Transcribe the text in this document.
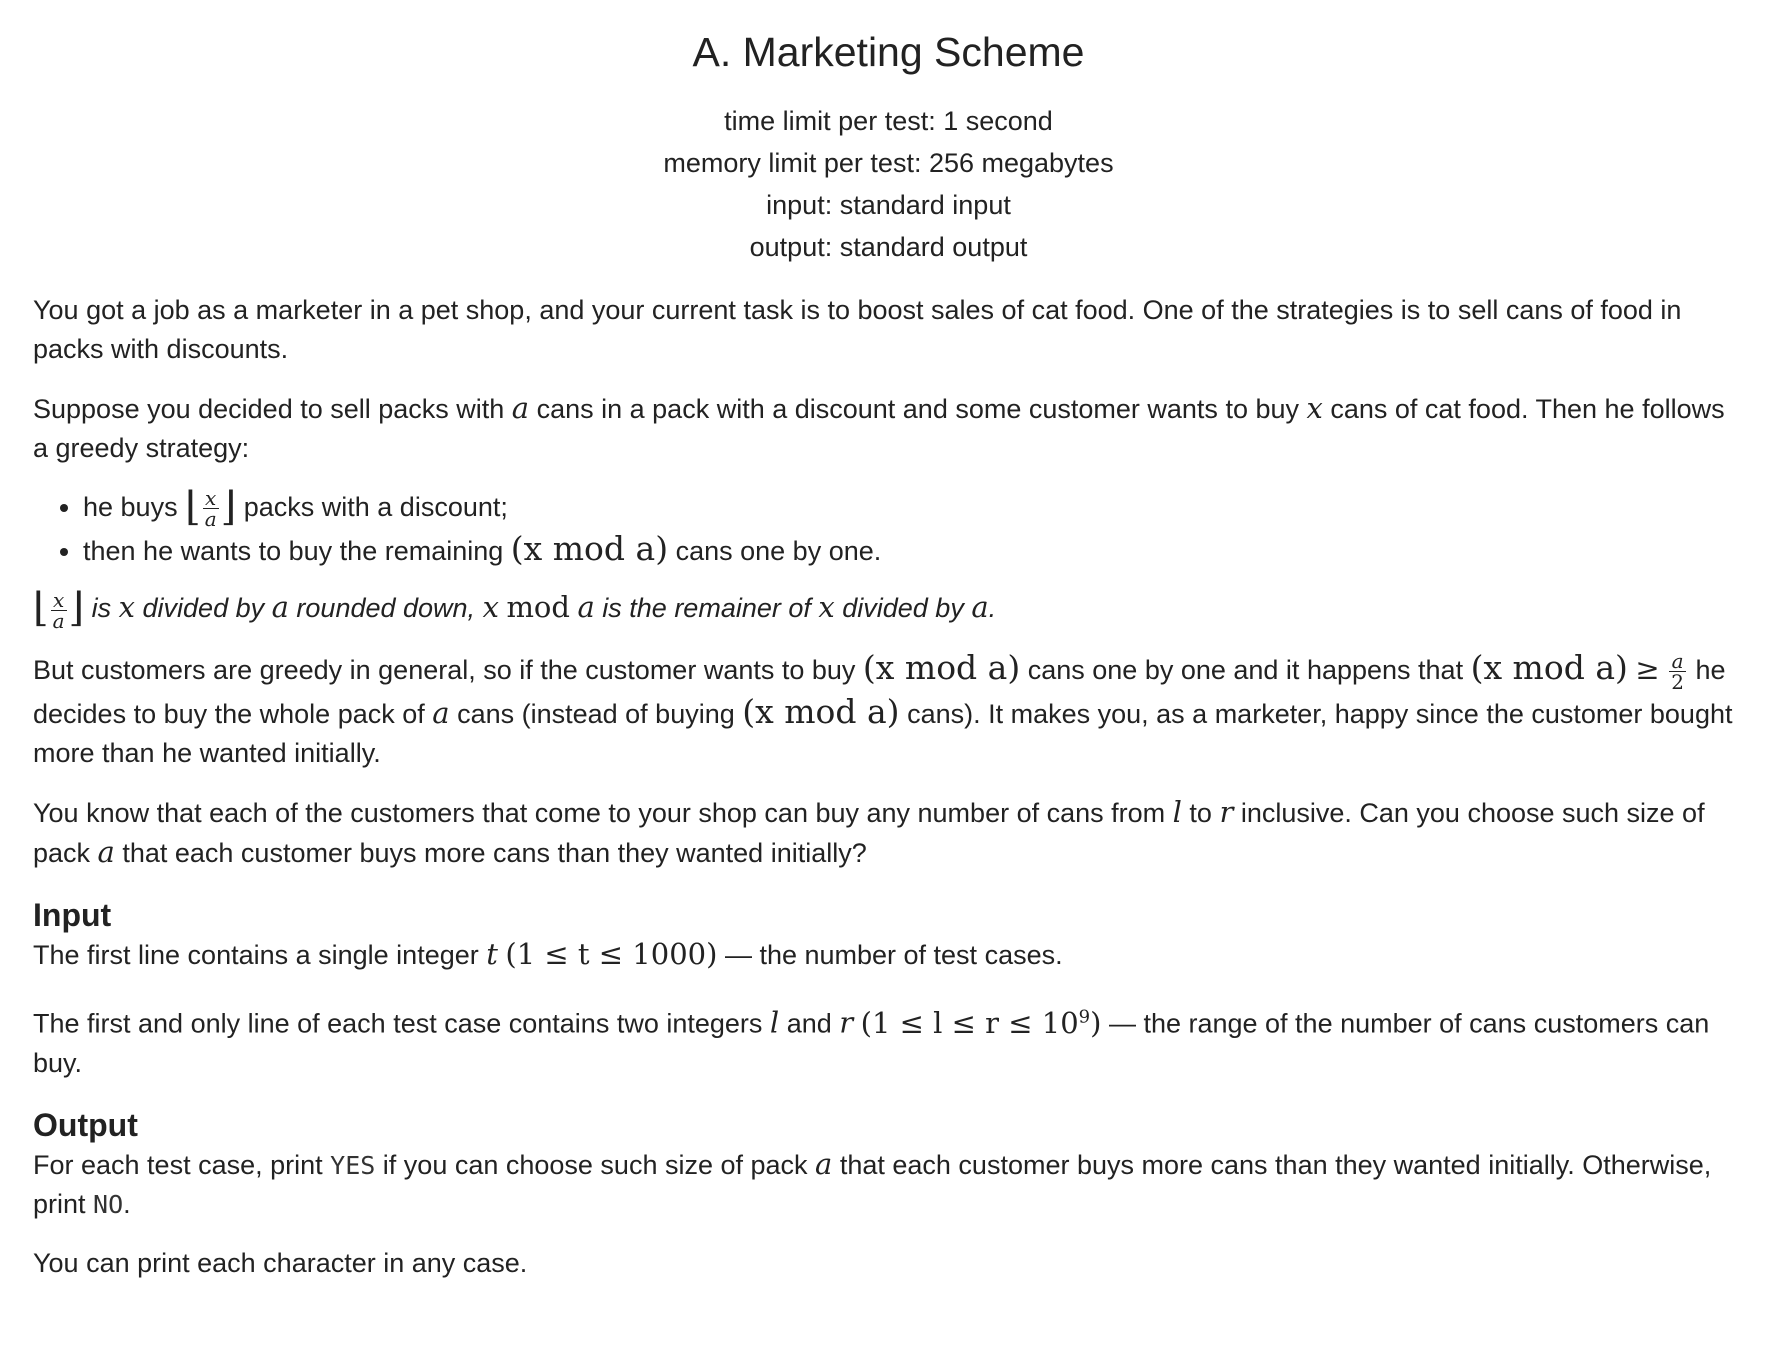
A. Marketing Scheme
time limit per test: 1 second
memory limit per test: 256 megabytes
input: standard input
output: standard output

You got a job as a marketer in a pet shop, and your current task is to boost sales of cat food. One of the strategies is to sell cans of food in packs with discounts.

Suppose you decided to sell packs with a cans in a pack with a discount and some customer wants to buy x cans of cat food. Then he follows a greedy strategy:

• he buys ⌊ $\frac{x}{a}$ ⌋ packs with a discount;
• then he wants to buy the remaining (x mod a) cans one by one.

⌊ $\frac{x}{a}$ ⌋ is x divided by a rounded down, x mod a is the remainer of x divided by a.

But customers are greedy in general, so if the customer wants to buy (x mod a) cans one by one and it happens that (x mod $a) \ge \frac{a}{2}$ he decides to buy the whole pack of a cans (instead of buying (x mod a) cans). It makes you, as a marketer, happy since the customer bought more than he wanted initially.

You know that each of the customers that come to your shop can buy any number of cans from l to r inclusive. Can you choose such size of pack a that each customer buys more cans than they wanted initially?

Input

The first line contains a single integer t (1 ≤ t ≤ 1000) — the number of test cases.

The first and only line of each test case contains two integers l and r $(1 \le l \le r \le 10^9)$ — the range of the number of cans customers can buy.

Output

For each test case, print YES if you can choose such size of pack a that each customer buys more cans than they wanted initially. Otherwise, print NO.

You can print each character in any case.
